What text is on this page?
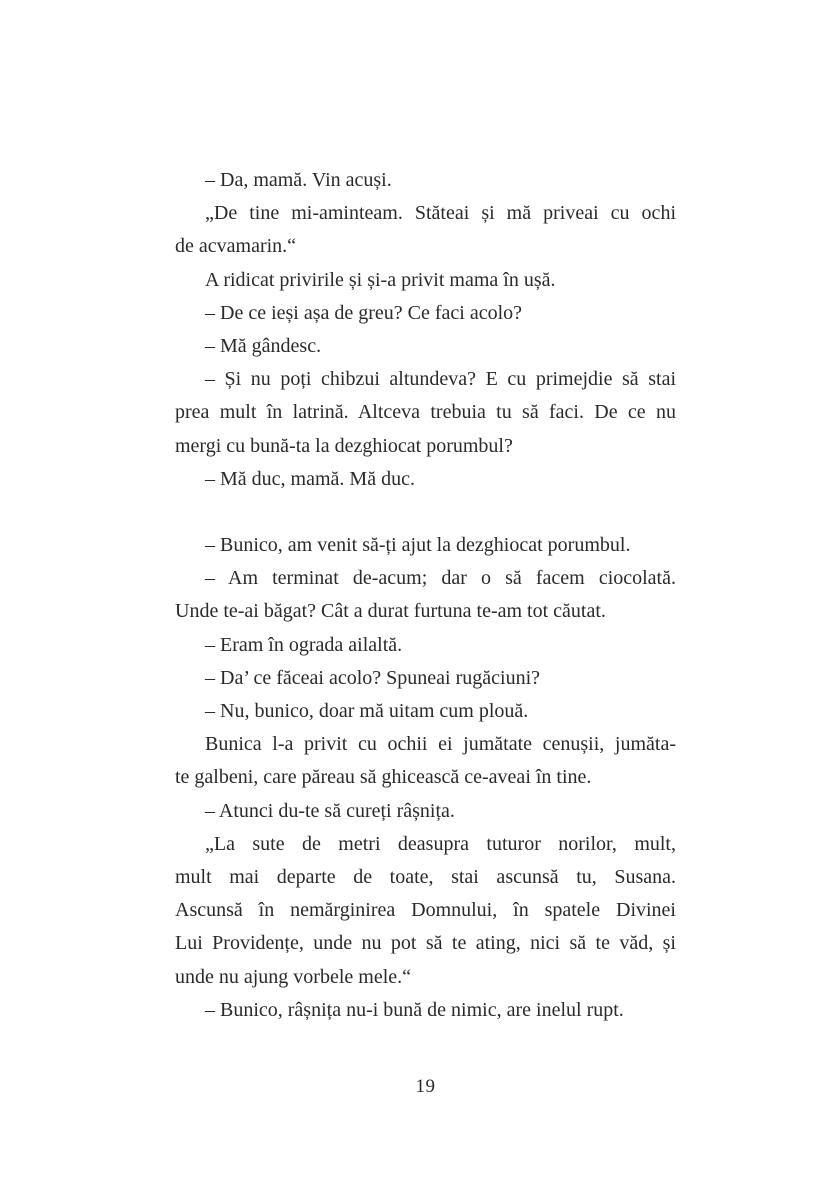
– Da, mamă. Vin acuși.
„De tine mi-aminteam. Stăteai și mă priveai cu ochi
de acvamarin.“
A ridicat privirile și și-a privit mama în ușă.
– De ce ieși așa de greu? Ce faci acolo?
– Mă gândesc.
– Și nu poți chibzui altundeva? E cu primejdie să stai
prea mult în latrină. Altceva trebuia tu să faci. De ce nu
mergi cu bună-ta la dezghiocat porumbul?
– Mă duc, mamă. Mă duc.
– Bunico, am venit să-ți ajut la dezghiocat porumbul.
– Am terminat de-acum; dar o să facem ciocolată.
Unde te-ai băgat? Cât a durat furtuna te-am tot căutat.
– Eram în ograda ailaltă.
– Da’ ce făceai acolo? Spuneai rugăciuni?
– Nu, bunico, doar mă uitam cum plouă.
Bunica l-a privit cu ochii ei jumătate cenușii, jumăta-
te galbeni, care păreau să ghicească ce-aveai în tine.
– Atunci du-te să cureți râșnița.
„La sute de metri deasupra tuturor norilor, mult,
mult mai departe de toate, stai ascunsă tu, Susana.
Ascunsă în nemărginirea Domnului, în spatele Divinei
Lui Providențe, unde nu pot să te ating, nici să te văd, și
unde nu ajung vorbele mele.“
– Bunico, râșnița nu-i bună de nimic, are inelul rupt.
19
